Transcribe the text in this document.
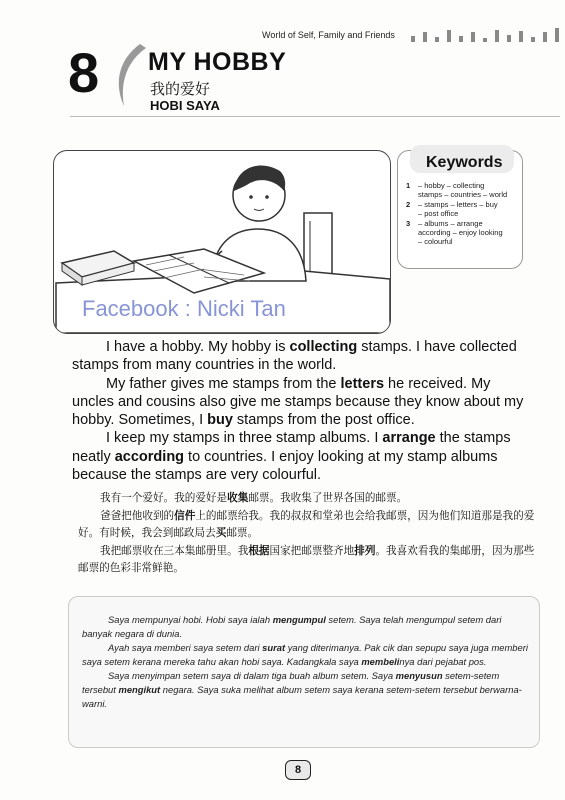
World of Self, Family and Friends
8 MY HOBBY
我的爱好
HOBI SAYA
Facebook : Nicki Tan
Keywords
1	– hobby – collecting
stamps – countries – world
2	– stamps – letters – buy
– post office
3	– albums – arrange
according – enjoy looking
– colourful

I have a hobby. My hobby is collecting stamps. I have collected stamps from many countries in the world.

My father gives me stamps from the letters he received. My uncles and cousins also give me stamps because they know about my hobby. Sometimes, I buy stamps from the post office.

I keep my stamps in three stamp albums. I arrange the stamps neatly according to countries. I enjoy looking at my stamp albums because the stamps are very colourful.

我有一个爱好。我的爱好是收集邮票。我收集了世界各国的邮票。

爸爸把他收到的信件上的邮票给我。我的叔叔和堂弟也会给我邮票，因为他们知道那是我的爱好。有时候，我会到邮政局去买邮票。

我把邮票收在三本集邮册里。我根据国家把邮票整齐地排列。我喜欢看我的集邮册，因为那些邮票的色彩非常鲜艳。

Saya mempunyai hobi. Hobi saya ialah mengumpul setem. Saya telah mengumpul setem dari banyak negara di dunia.

Ayah saya memberi saya setem dari surat yang diterimanya. Pak cik dan sepupu saya juga memberi saya setem kerana mereka tahu akan hobi saya. Kadangkala saya membelinya dari pejabat pos.

Saya menyimpan setem saya di dalam tiga buah album setem. Saya menyusun setem-setem tersebut mengikut negara. Saya suka melihat album setem saya kerana setem-setem tersebut berwarna-warni.

8
